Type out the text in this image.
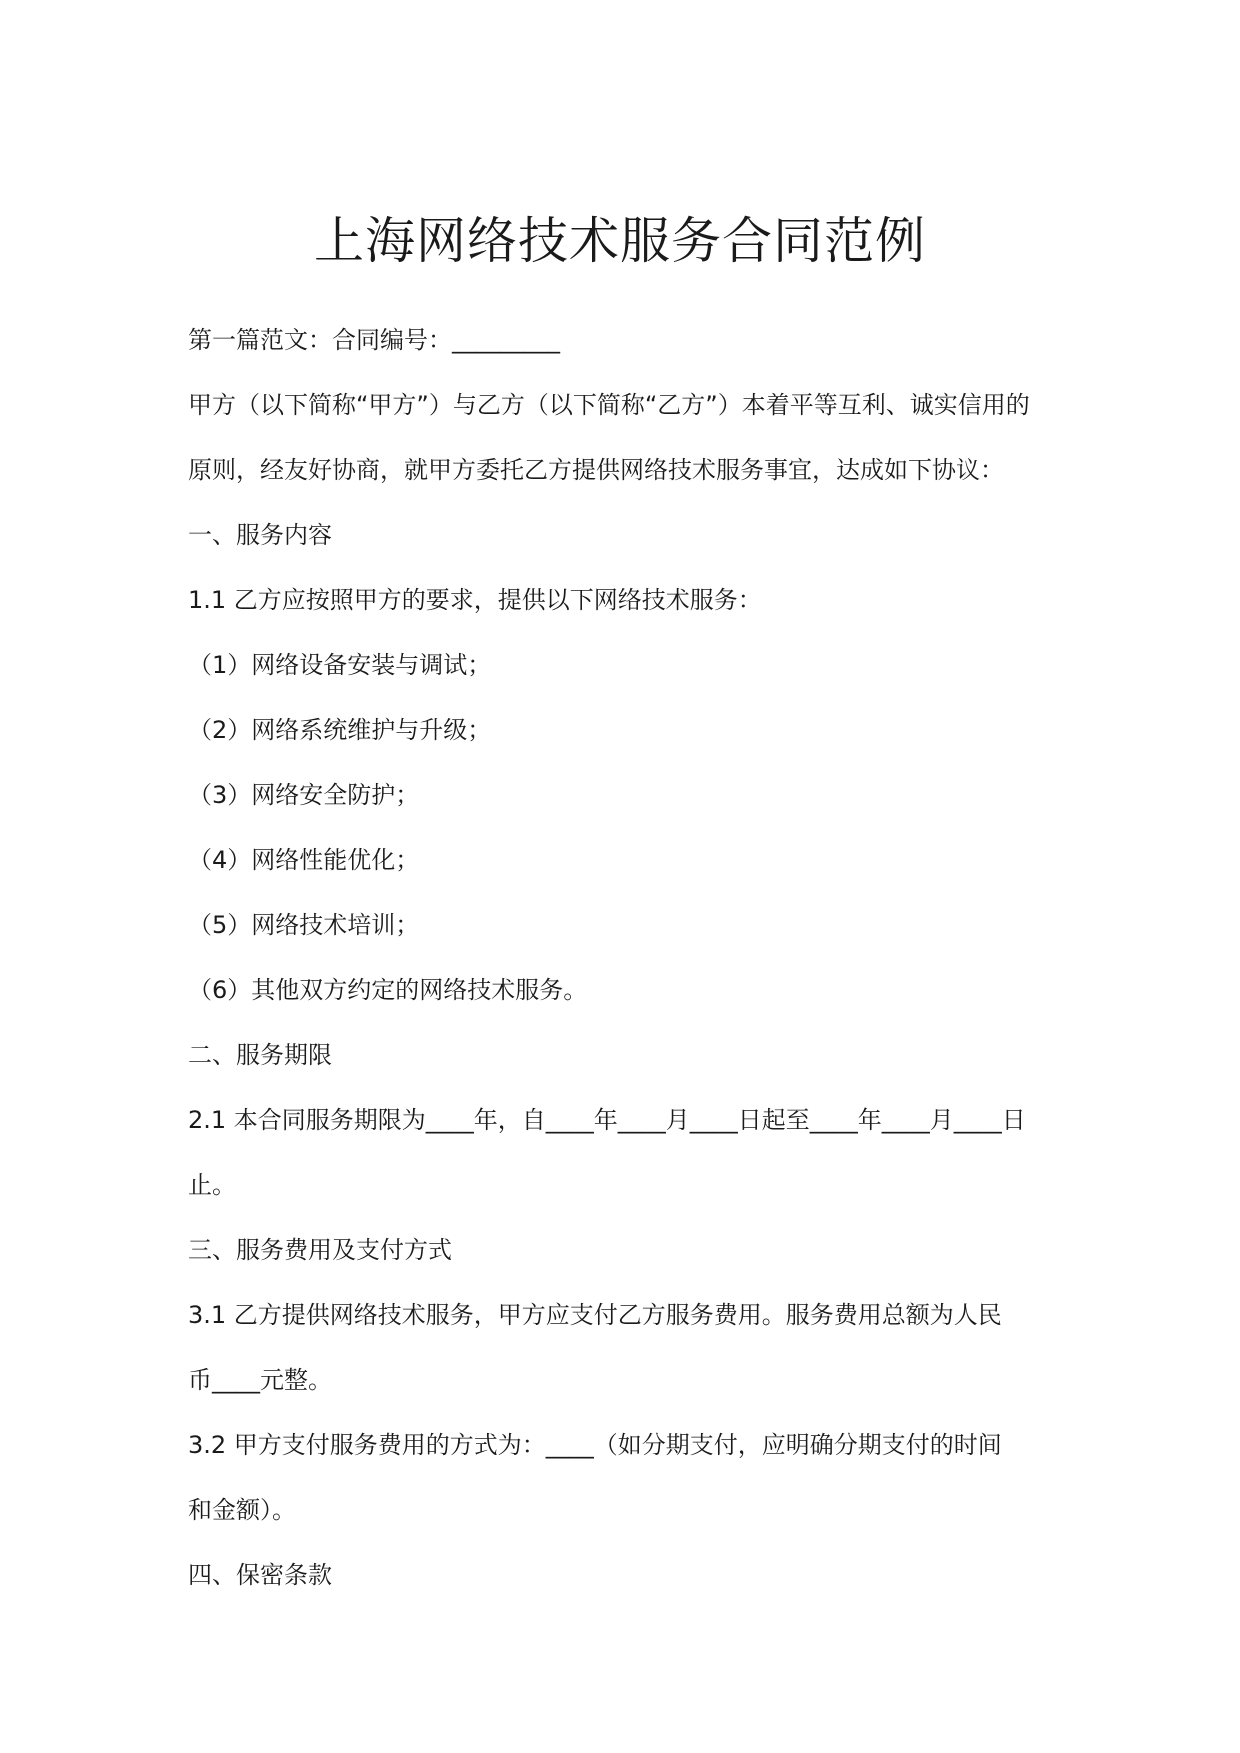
上海网络技术服务合同范例

第一篇范文：合同编号：_________

甲方（以下简称“甲方”）与乙方（以下简称“乙方”）本着平等互利、诚实信用的

原则，经友好协商，就甲方委托乙方提供网络技术服务事宜，达成如下协议：

一、服务内容

1.1 乙方应按照甲方的要求，提供以下网络技术服务：

（1）网络设备安装与调试；

（2）网络系统维护与升级；

（3）网络安全防护；

（4）网络性能优化；

（5）网络技术培训；

（6）其他双方约定的网络技术服务。

二、服务期限

2.1 本合同服务期限为____年，自____年____月____日起至____年____月____日

止。

三、服务费用及支付方式

3.1 乙方提供网络技术服务，甲方应支付乙方服务费用。服务费用总额为人民

币____元整。

3.2 甲方支付服务费用的方式为：____（如分期支付，应明确分期支付的时间

和金额）。

四、保密条款
